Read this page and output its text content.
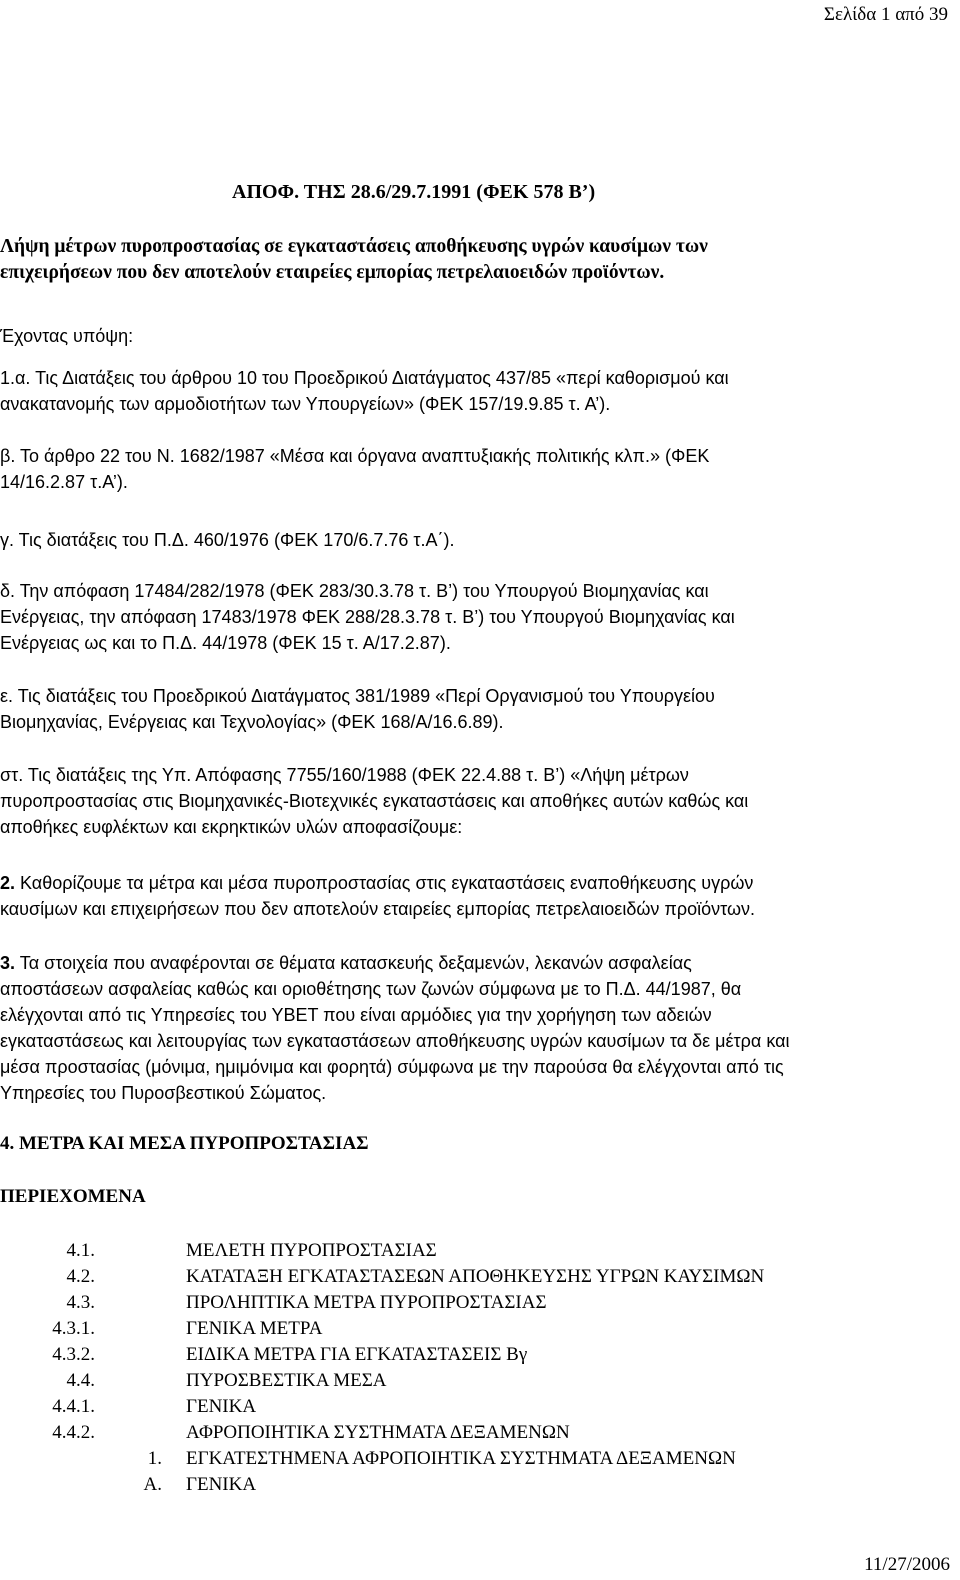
Σελίδα 1 από 39
ΑΠΟΦ. ΤΗΣ 28.6/29.7.1991 (ΦΕΚ 578 Β’)
Λήψη μέτρων πυροπροστασίας σε εγκαταστάσεις αποθήκευσης υγρών καυσίμων των
επιχειρήσεων που δεν αποτελούν εταιρείες εμπορίας πετρελαιοειδών προϊόντων.
Έχοντας υπόψη:
1.α. Τις Διατάξεις του άρθρου 10 του Προεδρικού Διατάγματος 437/85 «περί καθορισμού και
ανακατανομής των αρμοδιοτήτων των Υπουργείων» (ΦΕΚ 157/19.9.85 τ. Α’).
β. Το άρθρο 22 του Ν. 1682/1987 «Μέσα και όργανα αναπτυξιακής πολιτικής κλπ.» (ΦΕΚ
14/16.2.87 τ.Α’).
γ. Τις διατάξεις του Π.Δ. 460/1976 (ΦΕΚ 170/6.7.76 τ.Α΄).
δ. Την απόφαση 17484/282/1978 (ΦΕΚ 283/30.3.78 τ. Β’) του Υπουργού Βιομηχανίας και
Ενέργειας, την απόφαση 17483/1978 ΦΕΚ 288/28.3.78 τ. Β’) του Υπουργού Βιομηχανίας και
Ενέργειας ως και το Π.Δ. 44/1978 (ΦΕΚ 15 τ. Α/17.2.87).
ε. Τις διατάξεις του Προεδρικού Διατάγματος 381/1989 «Περί Οργανισμού του Υπουργείου
Βιομηχανίας, Ενέργειας και Τεχνολογίας» (ΦΕΚ 168/Α/16.6.89).
στ. Τις διατάξεις της Υπ. Απόφασης 7755/160/1988 (ΦΕΚ 22.4.88 τ. Β’) «Λήψη μέτρων
πυροπροστασίας στις Βιομηχανικές-Βιοτεχνικές εγκαταστάσεις και αποθήκες αυτών καθώς και
αποθήκες ευφλέκτων και εκρηκτικών υλών αποφασίζουμε:
2. Καθορίζουμε τα μέτρα και μέσα πυροπροστασίας στις εγκαταστάσεις εναποθήκευσης υγρών
καυσίμων και επιχειρήσεων που δεν αποτελούν εταιρείες εμπορίας πετρελαιοειδών προϊόντων.
3. Τα στοιχεία που αναφέρονται σε θέματα κατασκευής δεξαμενών, λεκανών ασφαλείας
αποστάσεων ασφαλείας καθώς και οριοθέτησης των ζωνών σύμφωνα με το Π.Δ. 44/1987, θα
ελέγχονται από τις Υπηρεσίες του ΥΒΕΤ που είναι αρμόδιες για την χορήγηση των αδειών
εγκαταστάσεως και λειτουργίας των εγκαταστάσεων αποθήκευσης υγρών καυσίμων τα δε μέτρα και
μέσα προστασίας (μόνιμα, ημιμόνιμα και φορητά) σύμφωνα με την παρούσα θα ελέγχονται από τις
Υπηρεσίες του Πυροσβεστικού Σώματος.
4. ΜΕΤΡΑ ΚΑΙ ΜΕΣΑ ΠΥΡΟΠΡΟΣΤΑΣΙΑΣ
ΠΕΡΙΕΧΟΜΕΝΑ
4.1.	ΜΕΛΕΤΗ ΠΥΡΟΠΡΟΣΤΑΣΙΑΣ
4.2.	ΚΑΤΑΤΑΞΗ ΕΓΚΑΤΑΣΤΑΣΕΩΝ ΑΠΟΘΗΚΕΥΣΗΣ ΥΓΡΩΝ ΚΑΥΣΙΜΩΝ
4.3.	ΠΡΟΛΗΠΤΙΚΑ ΜΕΤΡΑ ΠΥΡΟΠΡΟΣΤΑΣΙΑΣ
4.3.1.	ΓΕΝΙΚΑ ΜΕΤΡΑ
4.3.2.	ΕΙΔΙΚΑ ΜΕΤΡΑ ΓΙΑ ΕΓΚΑΤΑΣΤΑΣΕΙΣ Βγ
4.4.	ΠΥΡΟΣΒΕΣΤΙΚΑ ΜΕΣΑ
4.4.1.	ΓΕΝΙΚΑ
4.4.2.	ΑΦΡΟΠΟΙΗΤΙΚΑ ΣΥΣΤΗΜΑΤΑ ΔΕΞΑΜΕΝΩΝ
1. ΕΓΚΑΤΕΣΤΗΜΕΝΑ ΑΦΡΟΠΟΙΗΤΙΚΑ ΣΥΣΤΗΜΑΤΑ ΔΕΞΑΜΕΝΩΝ
Α. ΓΕΝΙΚΑ
11/27/2006
